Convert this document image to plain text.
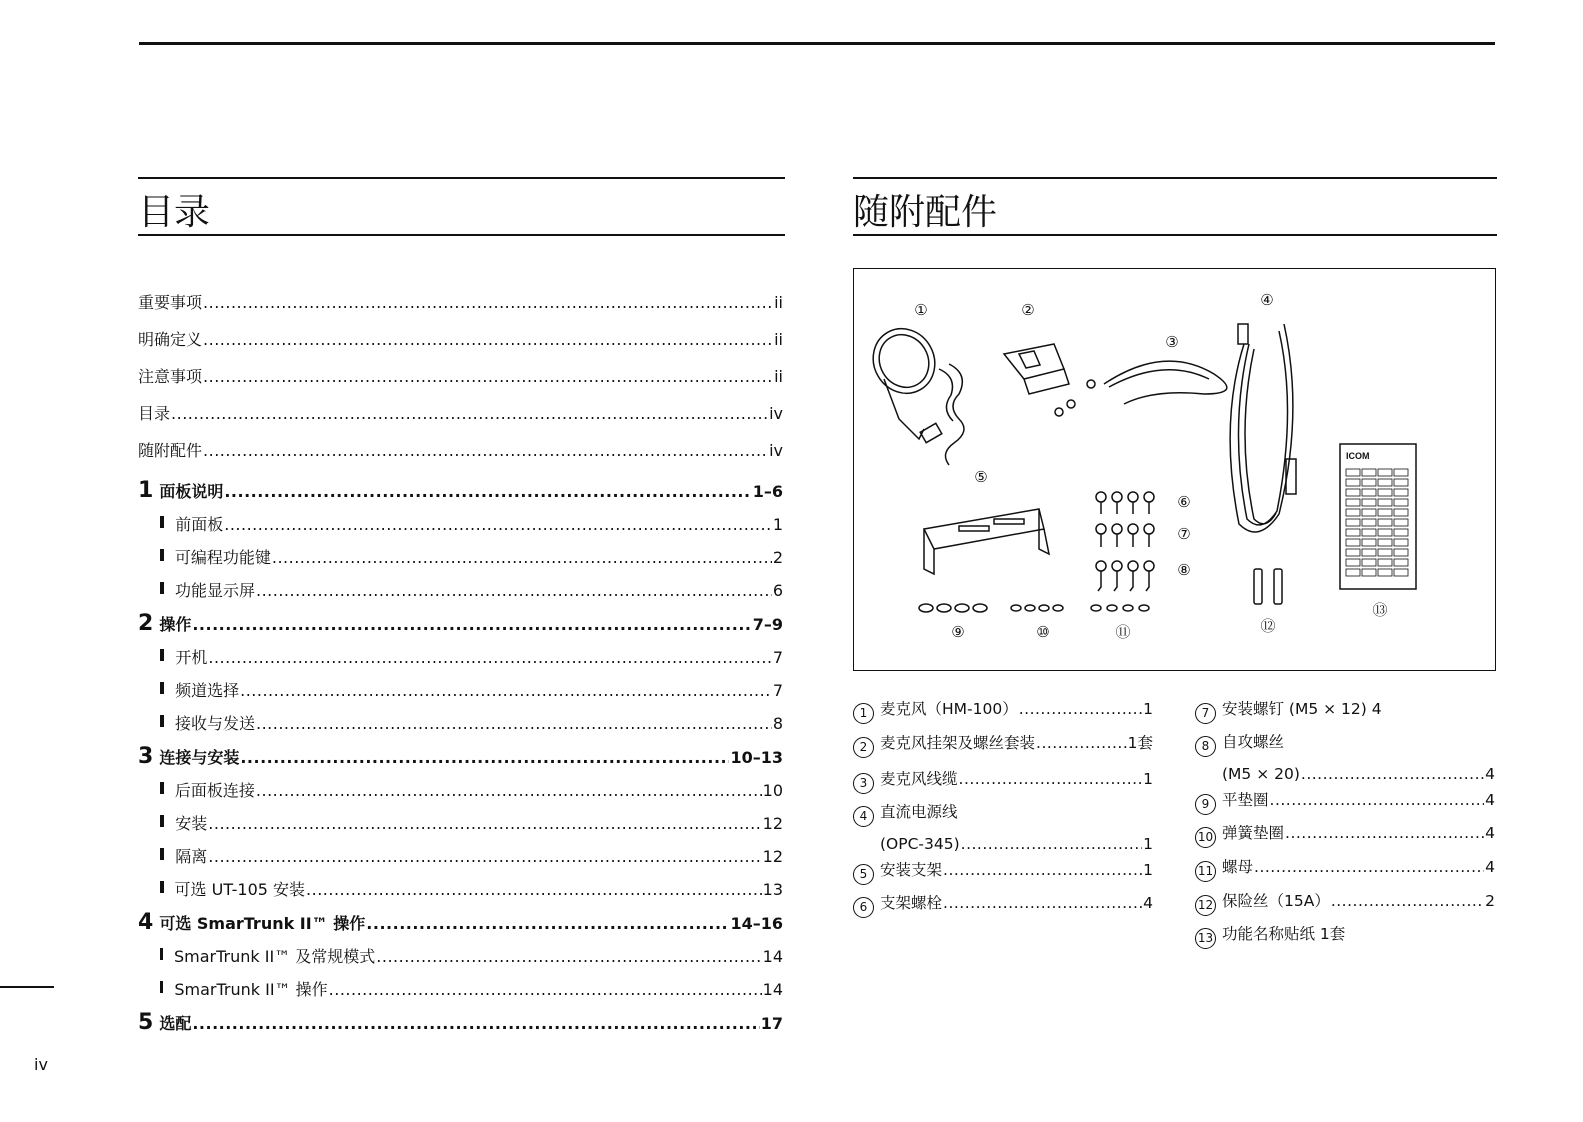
iv
目录
重要事项 .....	ii
明确定义 .....	ii
注意事项 .....	ii
目录 .....	iv
随附配件 .....	iv
1 面板说明 .....	1–6
前面板 .....	1
可编程功能键 .....	2
功能显示屏 .....	6
2 操作 .....	7–9
开机 .....	7
频道选择 .....	7
接收与发送 .....	8
3 连接与安装 .....	10–13
后面板连接 .....	10
安装 .....	12
隔离 .....	12
可选 UT-105 安装 .....	13
4 可选 SmarTrunk II™ 操作 .....	14–16
SmarTrunk II™ 及常规模式 .....	14
SmarTrunk II™ 操作 .....	14
5 选配 .....	17
随附配件
ICOM
①	②
③
④
⑤
⑥
⑦
⑧
⑨	⑩	⑪	⑫
⑬
1 麦克风（HM-100） .....	1
2 麦克风挂架及螺丝套装 .....	1套
3 麦克风线缆 .....	1
4 直流电源线
(OPC-345) .....	1
5 安装支架 .....	1
6 支架螺栓 .....	4
7 安装螺钉 (M5 × 12) 4
8 自攻螺丝
(M5 × 20) .....	4
9 平垫圈 .....	4
10 弹簧垫圈 .....	4
11 螺母 .....	4
12 保险丝（15A） .....	2
13 功能名称贴纸 1套
